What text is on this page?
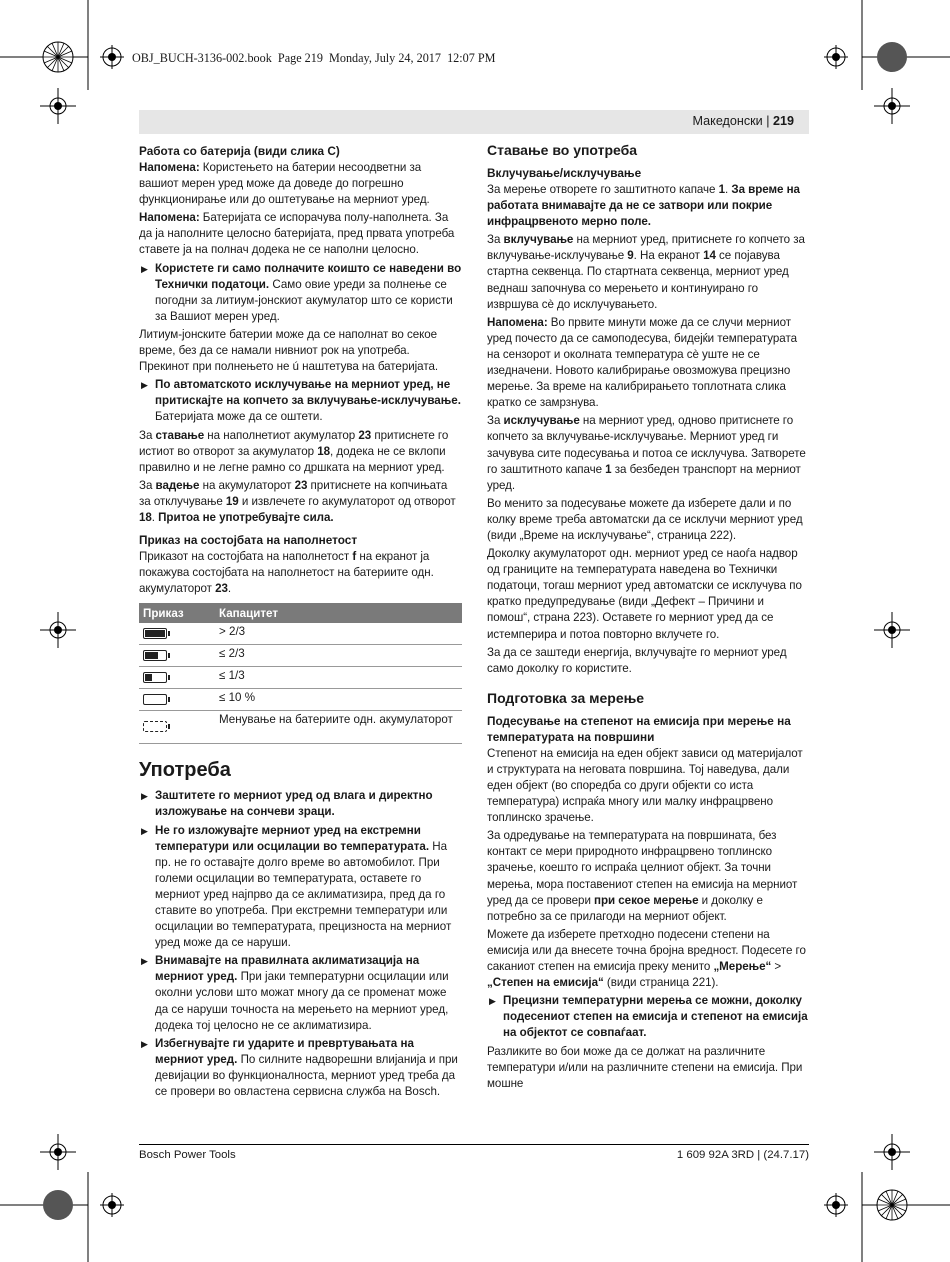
OBJ_BUCH-3136-002.book  Page 219  Monday, July 24, 2017  12:07 PM
Македонски | 219
Работа со батерија (види слика C)

Напомена: Користењето на батерии несоодветни за вашиот мерен уред може да доведе до погрешно функционирање или до оштетување на мерниот уред.

Напомена: Батеријата се испорачува полу-наполнета. За да ја наполните целосно батеријата, пред првата употреба ставете ја на полнач додека не се наполни целосно.

▶ Користете ги само полначите коишто се наведени во Технички податоци. Само овие уреди за полнење се погодни за литиум-јонскиот акумулатор што се користи за Вашиот мерен уред.

Литиум-јонските батерии може да се наполнат во секое време, без да се намали нивниот рок на употреба. Прекинот при полнењето не ú наштетува на батеријата.

▶ По автоматското исклучување на мерниот уред, не притискајте на копчето за вклучување-исклучување. Батеријата може да се оштети.

За ставање на наполнетиот акумулатор 23 притиснете го истиот во отворот за акумулатор 18, додека не се вклопи правилно и не легне рамно со дршката на мерниот уред.

За вадење на акумулаторот 23 притиснете на копчињата за отклучување 19 и извлечете го акумулаторот од отворот 18. Притоа не употребувајте сила.

Приказ на состојбата на наполнетост

Приказот на состојбата на наполнетост f на екранот ја покажува состојбата на наполнетост на батериите одн. акумулаторот 23.

Приказ	Капацитет

	> 2/3

	≤ 2/3

	≤ 1/3
	≤ 10 %
	Менување на батериите одн. акумулаторот
Употреба
▶ Заштитете го мерниот уред од влага и директно изложување на сончеви зраци.
▶ Не го изложувајте мерниот уред на екстремни температури или осцилации во температурата. На пр. не го оставајте долго време во автомобилот. При големи осцилации во температурата, оставете го мерниот уред најпрво да се аклиматизира, пред да го ставите во употреба. При екстремни температури или осцилации во температурата, прецизноста на мерниот уред може да се наруши.
▶ Внимавајте на правилната аклиматизација на мерниот уред. При јаки температурни осцилации или околни услови што можат многу да се променат може да се наруши точноста на мерењето на мерниот уред, додека тој целосно не се аклиматизира.
▶ Избегнувајте ги ударите и превртувањата на мерниот уред. По силните надворешни влијанија и при девијации во функционалноста, мерниот уред треба да се провери во овластена сервисна служба на Bosch.
Ставање во употреба
Вклучување/исклучување

За мерење отворете го заштитното капаче 1. За време на работата внимавајте да не се затвори или покрие инфрацрвеното мерно поле.

За вклучување на мерниот уред, притиснете го копчето за вклучување-исклучување 9. На екранот 14 се појавува стартна секвенца. По стартната секвенца, мерниот уред веднаш започнува со мерењето и континуирано го извршува сè до исклучувањето.

Напомена: Во првите минути може да се случи мерниот уред почесто да се самоподесува, бидејќи температурата на сензорот и околната температура сè уште не се изедначени. Новото калибрирање овозможува прецизно мерење. За време на калибрирањето топлотната слика кратко се замрзнува.

За исклучување на мерниот уред, одново притиснете го копчето за вклучување-исклучување. Мерниот уред ги зачувува сите подесувања и потоа се исклучува. Затворете го заштитното капаче 1 за безбеден транспорт на мерниот уред.

Во менито за подесување можете да изберете дали и по колку време треба автоматски да се исклучи мерниот уред (види „Време на исклучување“, страница 222).

Доколку акумулаторот одн. мерниот уред се наоѓа надвор од границите на температурата наведена во Технички податоци, тогаш мерниот уред автоматски се исклучува по кратко предупредување (види „Дефект – Причини и помош“, страна 223). Оставете го мерниот уред да се истемперира и потоа повторно вклучете го.

За да се заштеди енергија, вклучувајте го мерниот уред само доколку го користите.

Подготовка за мерење
Подесување на степенот на емисија при мерење на температурата на површини

Степенот на емисија на еден објект зависи од материјалот и структурата на неговата површина. Тој наведува, дали еден објект (во споредба со други објекти со иста температура) испраќа многу или малку инфрацрвено топлинско зрачење.

За одредување на температурата на површината, без контакт се мери природното инфрацрвено топлинско зрачење, коешто го испраќа целниот објект. За точни мерења, мора поставениот степен на емисија на мерниот уред да се провери при секое мерење и доколку е потребно за се прилагоди на мерниот објект.

Можете да изберете претходно подесени степени на емисија или да внесете точна бројна вредност. Подесете го саканиот степен на емисија преку менито „Мерење“ > „Степен на емисија“ (види страница 221).

▶ Прецизни температурни мерења се можни, доколку подесениот степен на емисија и степенот на емисија на објектот се совпаѓаат.

Разликите во бои може да се должат на различните температури и/или на различните степени на емисија. При мошне

Bosch Power Tools	1 609 92A 3RD | (24.7.17)
